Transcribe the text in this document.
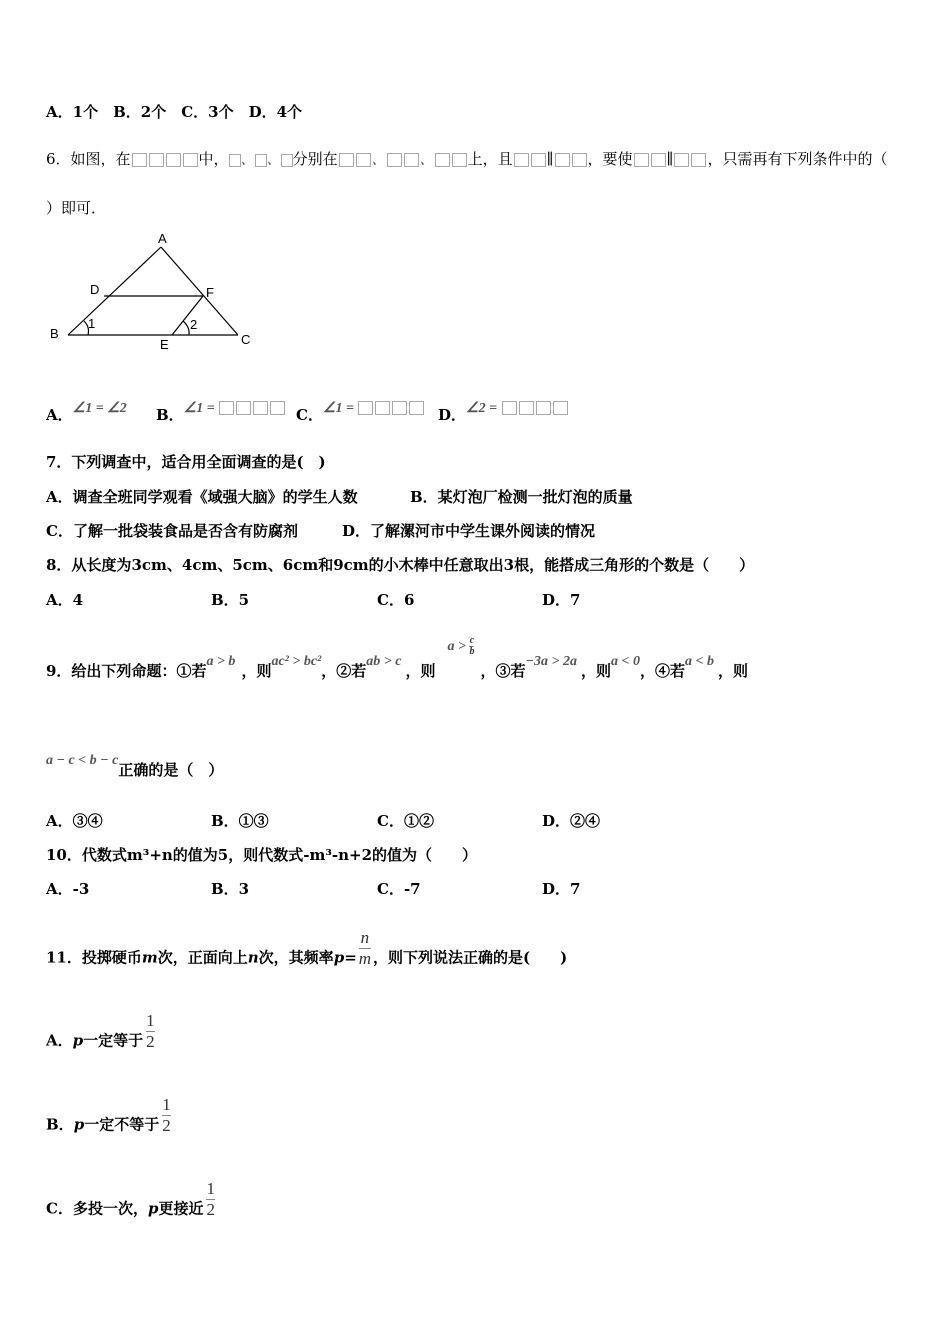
A．1个　B．2个　C．3个　D．4个
6．如图，在	中， 、 、 分别在 、 、 上，且 ∥ ，要使 ∥ ，只需再有下列条件中的（
）即可．
A
D	F
B
1	2
E	C
A．∠1 = ∠2 B．∠1 =	C．∠1 =	D．∠2 =
7．下列调查中，适合用全面调查的是(　)
A．调查全班同学观看《域强大脑》的学生人数	B．某灯泡厂检测一批灯泡的质量
C．了解一批袋装食品是否含有防腐剂	D．了解漯河市中学生课外阅读的情况
8．从长度为3cm、4cm、5cm、6cm和9cm的小木棒中任意取出3根，能搭成三角形的个数是（　　）
A．4	B．5	C．6	D．7
9．给出下列命题：①若a > b，则ac² > bc²，②若ab > c，则$a > \frac{c}{b}$
，③若−3a > 2a，则a < 0，④若a < b，则
a − c < b − c正确的是（　）
A．③④	B．①③	C．①②	D．②④
10．代数式m³+n的值为5，则代数式-m³-n+2的值为（　　）
A．-3	B．3	C．-7	D．7
11．投掷硬币m次，正面向上n次，其频率$p= \frac{n}{m}$ ，则下列说法正确的是(　　)
A．p一定等于 $\frac{1}{2}$
B．p一定不等于 $\frac{1}{2}$
C．多投一次，p更接近 $\frac{1}{2}$
